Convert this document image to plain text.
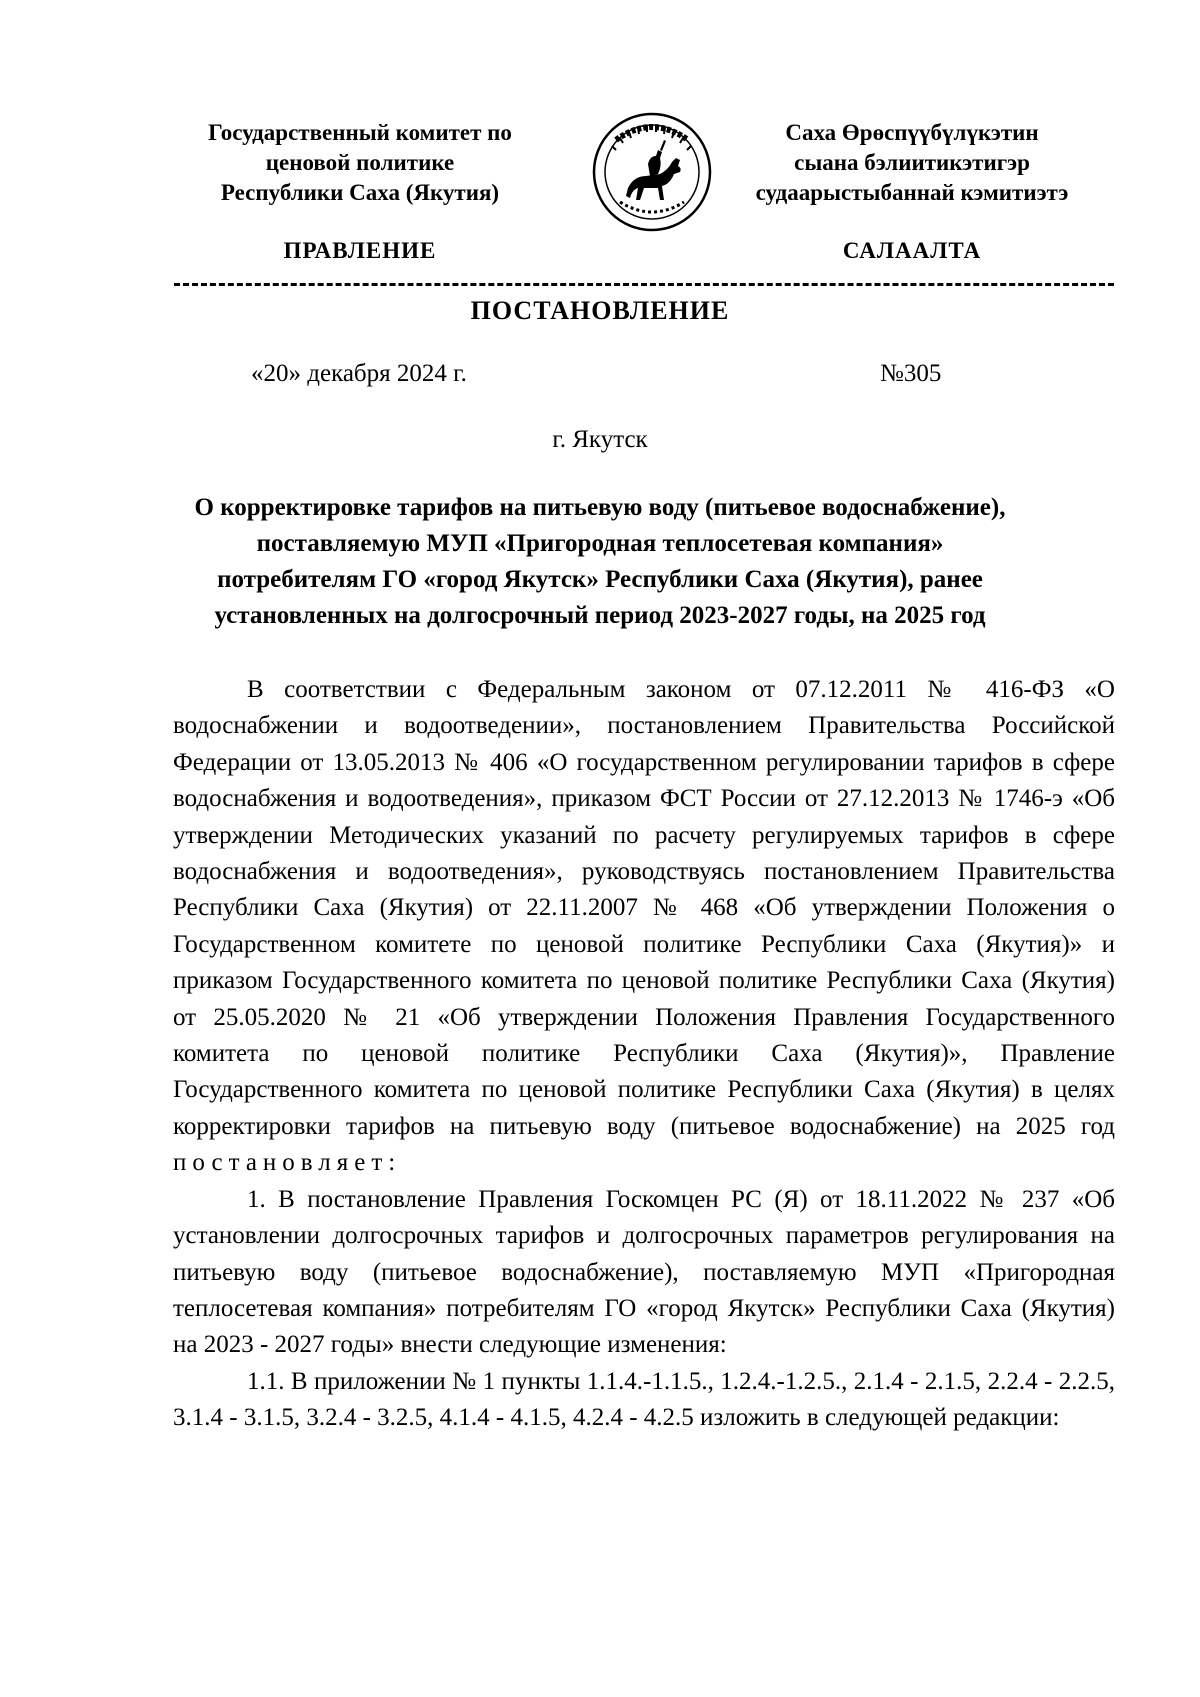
Государственный комитет по
ценовой политике
Республики Саха (Якутия)
Саха Өрөспүүбүлүкэтин
сыана бэлиитикэтигэр
судаарыстыбаннай кэмитиэтэ
ПРАВЛЕНИЕ	САЛААЛТА
ПОСТАНОВЛЕНИЕ
«20» декабря 2024 г.	№305
г. Якутск
О корректировке тарифов на питьевую воду (питьевое водоснабжение),
поставляемую МУП «Пригородная теплосетевая компания»
потребителям ГО «город Якутск» Республики Саха (Якутия), ранее
установленных на долгосрочный период 2023-2027 годы, на 2025 год

В соответствии с Федеральным законом от 07.12.2011 № 416-ФЗ «О водоснабжении и водоотведении», постановлением Правительства Российской Федерации от 13.05.2013 № 406 «О государственном регулировании тарифов в сфере водоснабжения и водоотведения», приказом ФСТ России от 27.12.2013 № 1746-э «Об утверждении Методических указаний по расчету регулируемых тарифов в сфере водоснабжения и водоотведения», руководствуясь постановлением Правительства Республики Саха (Якутия) от 22.11.2007 № 468 «Об утверждении Положения о Государственном комитете по ценовой политике Республики Саха (Якутия)» и приказом Государственного комитета по ценовой политике Республики Саха (Якутия) от 25.05.2020 № 21 «Об утверждении Положения Правления Государственного комитета по ценовой политике Республики Саха (Якутия)», Правление Государственного комитета по ценовой политике Республики Саха (Якутия) в целях корректировки тарифов на питьевую воду (питьевое водоснабжение) на 2025 год постановляет:

1. В постановление Правления Госкомцен РС (Я) от 18.11.2022 № 237 «Об установлении долгосрочных тарифов и долгосрочных параметров регулирования на питьевую воду (питьевое водоснабжение), поставляемую МУП «Пригородная теплосетевая компания» потребителям ГО «город Якутск» Республики Саха (Якутия) на 2023 - 2027 годы» внести следующие изменения:

1.1. В приложении № 1 пункты 1.1.4.-1.1.5., 1.2.4.-1.2.5., 2.1.4 - 2.1.5, 2.2.4 - 2.2.5, 3.1.4 - 3.1.5, 3.2.4 - 3.2.5, 4.1.4 - 4.1.5, 4.2.4 - 4.2.5 изложить в следующей редакции:
